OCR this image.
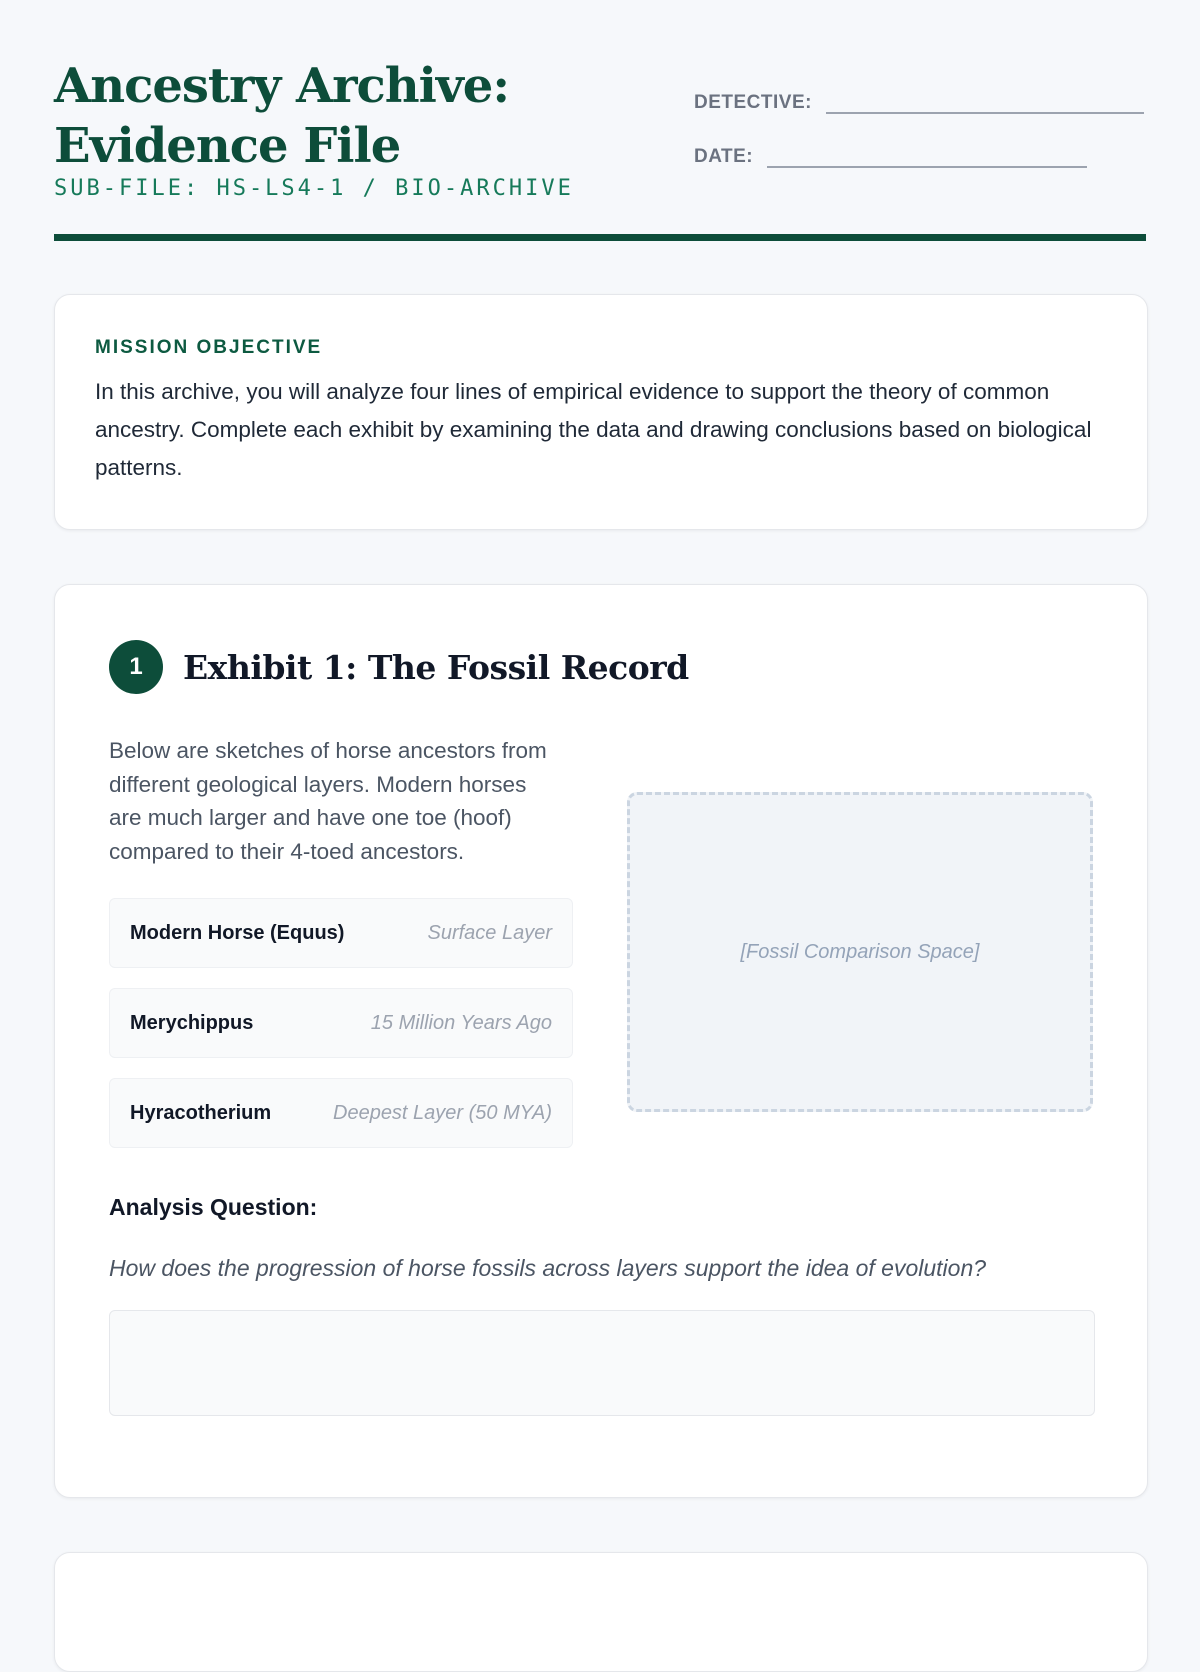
Ancestry Archive: Evidence File
SUB-FILE: HS-LS4-1 / BIO-ARCHIVE
DETECTIVE:
DATE:
MISSION OBJECTIVE

In this archive, you will analyze four lines of empirical evidence to support the theory of common ancestry. Complete each exhibit by examining the data and drawing conclusions based on biological patterns.

1	Exhibit 1: The Fossil Record

Below are sketches of horse ancestors from different geological layers. Modern horses are much larger and have one toe (hoof) compared to their 4-toed ancestors.

Modern Horse (Equus)	Surface Layer
Merychippus	15 Million Years Ago
Hyracotherium	Deepest Layer (50 MYA)
[Fossil Comparison Space]
Analysis Question:

How does the progression of horse fossils across layers support the idea of evolution?
